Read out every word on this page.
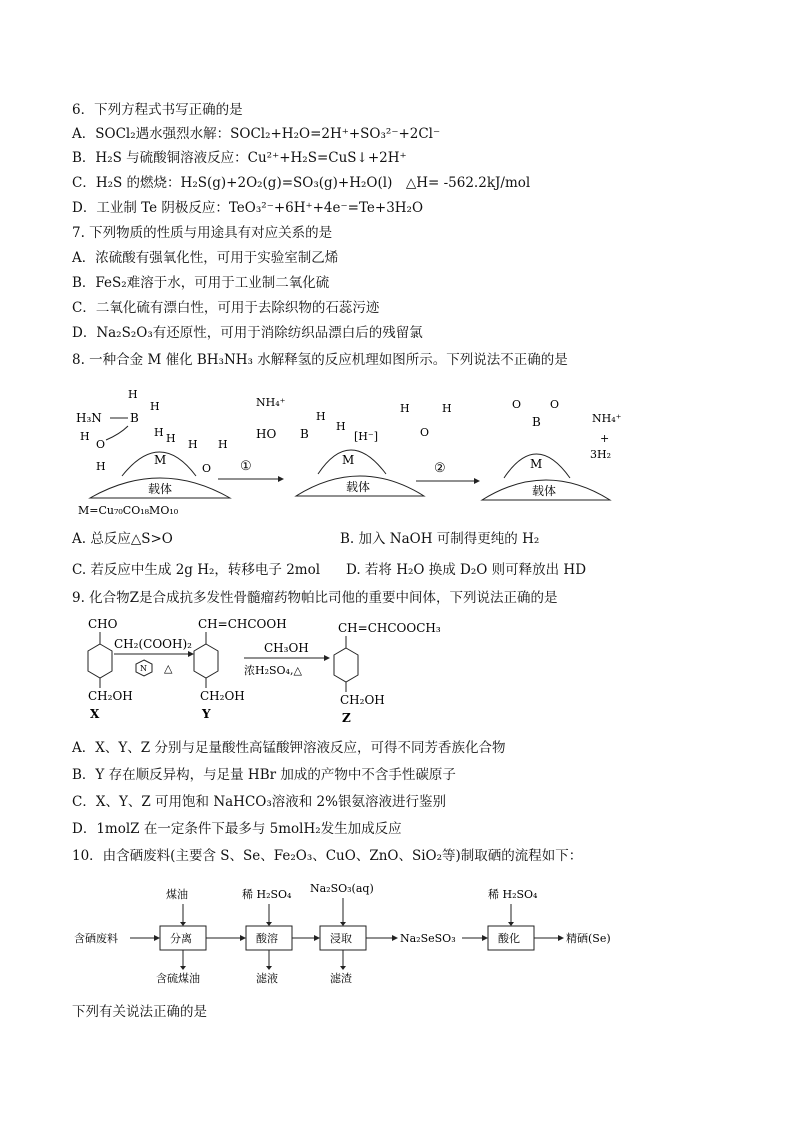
6．下列方程式书写正确的是
A．SOCl₂遇水强烈水解：SOCl₂+H₂O=2H⁺+SO₃²⁻+2Cl⁻
B．H₂S 与硫酸铜溶液反应：Cu²⁺+H₂S=CuS↓+2H⁺
C．H₂S 的燃烧：H₂S(g)+2O₂(g)=SO₃(g)+H₂O(l)　△H= -562.2kJ/mol
D．工业制 Te 阴极反应：TeO₃²⁻+6H⁺+4e⁻=Te+3H₂O
7. 下列物质的性质与用途具有对应关系的是
A．浓硫酸有强氧化性，可用于实验室制乙烯
B．FeS₂难溶于水，可用于工业制二氧化硫
C．二氧化硫有漂白性，可用于去除织物的石蕊污迹
D．Na₂S₂O₃有还原性，可用于消除纺织品漂白后的残留氯
8. 一种合金 M 催化 BH₃NH₃ 水解释氢的反应机理如图所示。下列说法不正确的是
载体
M
H₃N B
H
H
H
H
O
H
H
O
H H
M=Cu₇₀CO₁₈MO₁₀
①
载体
M
NH₄⁺
HO B
H
H
[H⁻]
H
O
H
②
载体
M
O	O
B	NH₄⁺
+
3H₂
A. 总反应△S>O	B. 加入 NaOH 可制得更纯的 H₂
C. 若反应中生成 2g H₂，转移电子 2mol D. 若将 H₂O 换成 D₂O 则可释放出 HD
9. 化合物Z是合成抗多发性骨髓瘤药物帕比司他的重要中间体，下列说法正确的是
CHO
CH₂OH
X
CH₂(COOH)₂
N △
CH=CHCOOH
CH₂OH
Y
CH₃OH
浓H₂SO₄,△
CH=CHCOOCH₃
CH₂OH
Z
A．X、Y、Z 分别与足量酸性高锰酸钾溶液反应，可得不同芳香族化合物
B．Y 存在顺反异构，与足量 HBr 加成的产物中不含手性碳原子
C．X、Y、Z 可用饱和 NaHCO₃溶液和 2%银氨溶液进行鉴别
D．1molZ 在一定条件下最多与 5molH₂发生加成反应
10．由含硒废料(主要含 S、Se、Fe₂O₃、CuO、ZnO、SiO₂等)制取硒的流程如下：
含硒废料	分离
煤油
含硫煤油
酸溶
稀 H₂SO₄
滤液
浸取
Na₂SO₃(aq)
滤渣
Na₂SeSO₃	酸化
稀 H₂SO₄
精硒(Se)
下列有关说法正确的是
